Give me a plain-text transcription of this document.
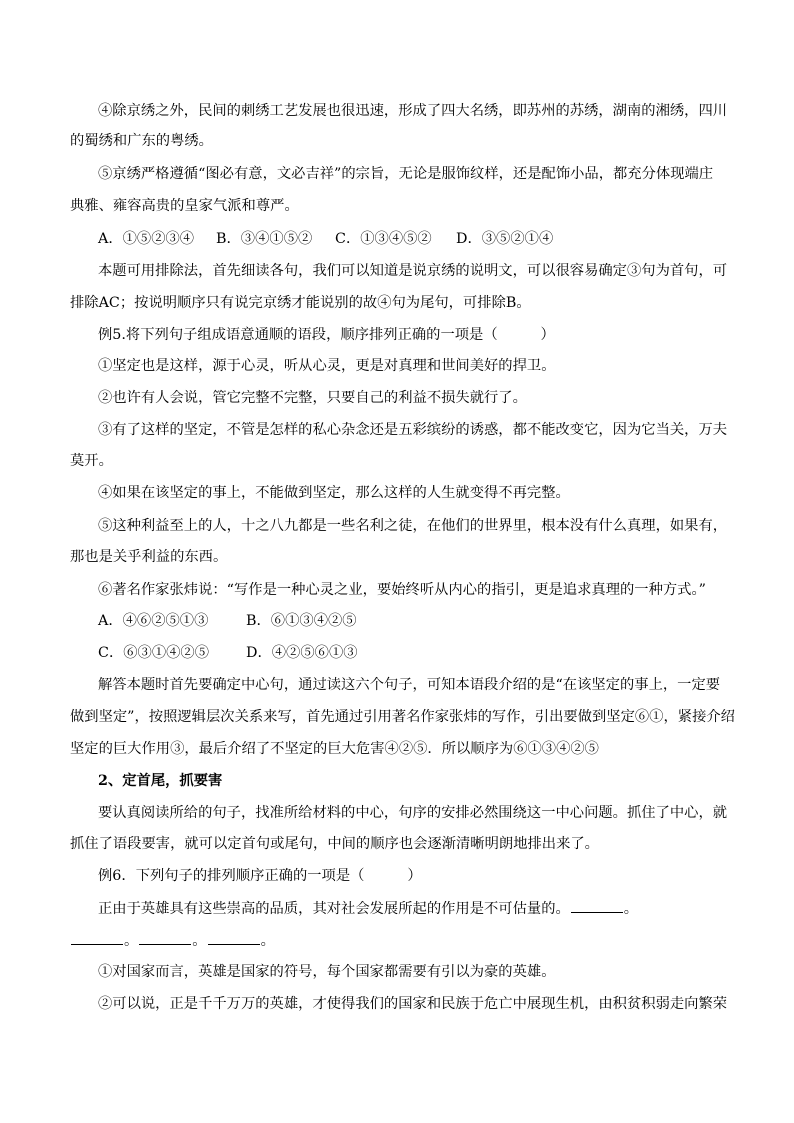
④除京绣之外，民间的刺绣工艺发展也很迅速，形成了四大名绣，即苏州的苏绣，湖南的湘绣，四川
的蜀绣和广东的粤绣。
⑤京绣严格遵循“图必有意，文必吉祥”的宗旨，无论是服饰纹样，还是配饰小品，都充分体现端庄
典雅、雍容高贵的皇家气派和尊严。
A．①⑤②③④ B．③④①⑤② C．①③④⑤② D．③⑤②①④
本题可用排除法，首先细读各句，我们可以知道是说京绣的说明文，可以很容易确定③句为首句，可
排除AC；按说明顺序只有说完京绣才能说别的故④句为尾句，可排除B。
例5.将下列句子组成语意通顺的语段，顺序排列正确的一项是（　　　）
①坚定也是这样，源于心灵，听从心灵，更是对真理和世间美好的捍卫。
②也许有人会说，管它完整不完整，只要自己的利益不损失就行了。
③有了这样的坚定，不管是怎样的私心杂念还是五彩缤纷的诱惑，都不能改变它，因为它当关，万夫
莫开。
④如果在该坚定的事上，不能做到坚定，那么这样的人生就变得不再完整。
⑤这种利益至上的人，十之八九都是一些名利之徒，在他们的世界里，根本没有什么真理，如果有，
那也是关乎利益的东西。
⑥著名作家张炜说：“写作是一种心灵之业，要始终听从内心的指引，更是追求真理的一种方式。”
A．④⑥②⑤①③	B．⑥①③④②⑤
C．⑥③①④②⑤	D．④②⑤⑥①③
解答本题时首先要确定中心句，通过读这六个句子，可知本语段介绍的是“在该坚定的事上，一定要
做到坚定”，按照逻辑层次关系来写，首先通过引用著名作家张炜的写作，引出要做到坚定⑥①，紧接介绍
坚定的巨大作用③，最后介绍了不坚定的巨大危害④②⑤．所以顺序为⑥①③④②⑤
2、定首尾，抓要害
要认真阅读所给的句子，找准所给材料的中心，句序的安排必然围绕这一中心问题。抓住了中心，就
抓住了语段要害，就可以定首句或尾句，中间的顺序也会逐渐清晰明朗地排出来了。
例6．下列句子的排列顺序正确的一项是（　　　）
正由于英雄具有这些崇高的品质，其对社会发展所起的作用是不可估量的。	。
。	。	。
①对国家而言，英雄是国家的符号，每个国家都需要有引以为豪的英雄。
②可以说，正是千千万万的英雄，才使得我们的国家和民族于危亡中展现生机，由积贫积弱走向繁荣
